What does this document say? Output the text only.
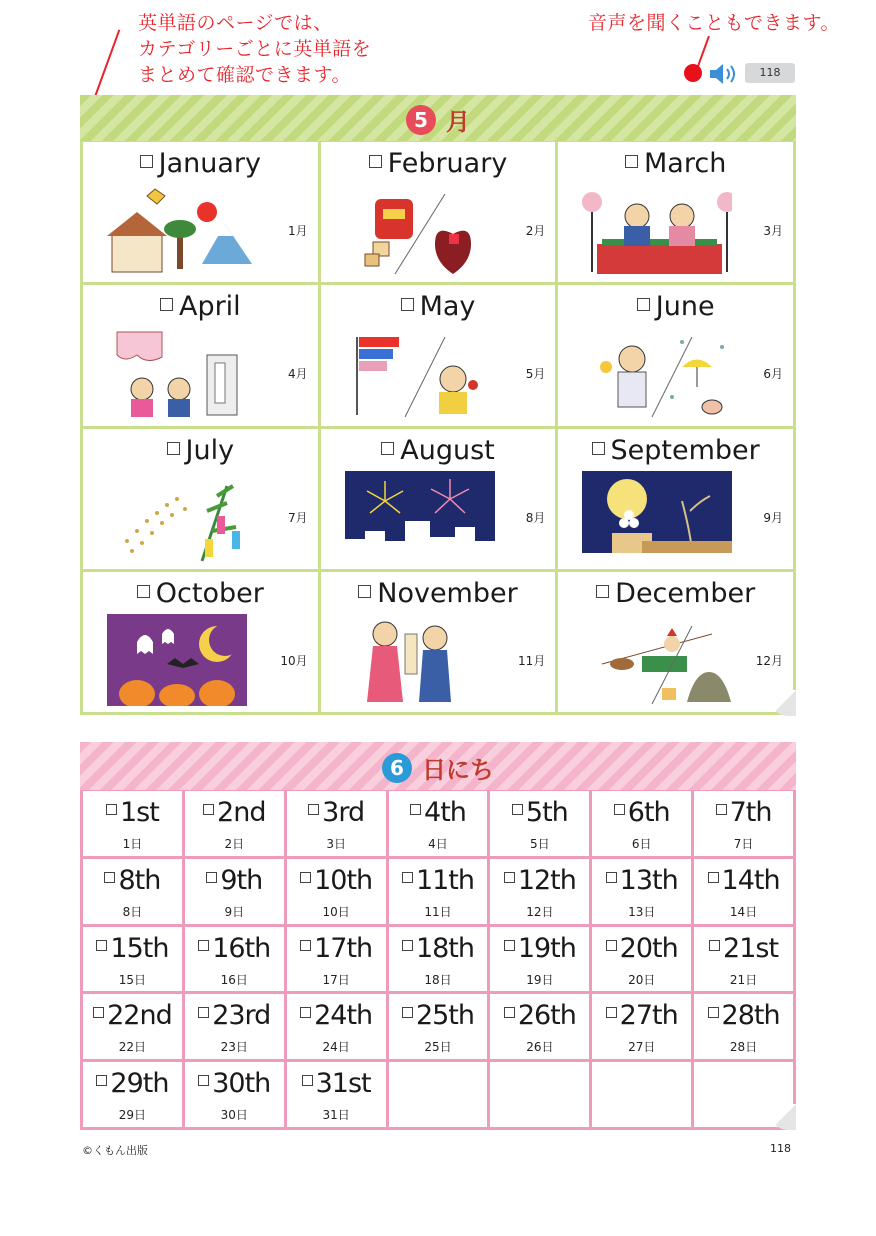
英単語のページでは、
カテゴリーごとに英単語を
まとめて確認できます。
音声を聞くこともできます。
118
5 月
January
1月
February
2月
March
3月
April
4月
May
5月
June
6月
July
7月
August
8月
September
9月
October
10月
November
11月
December
12月
6 日にち
1st
1日
2nd
2日
3rd
3日
4th
4日
5th
5日
6th
6日
7th
7日
8th
8日
9th
9日
10th
10日
11th
11日
12th
12日
13th
13日
14th
14日
15th
15日
16th
16日
17th
17日
18th
18日
19th
19日
20th
20日
21st
21日
22nd
22日
23rd
23日
24th
24日
25th
25日
26th
26日
27th
27日
28th
28日
29th
29日
30th
30日
31st
31日
©くもん出版	118
